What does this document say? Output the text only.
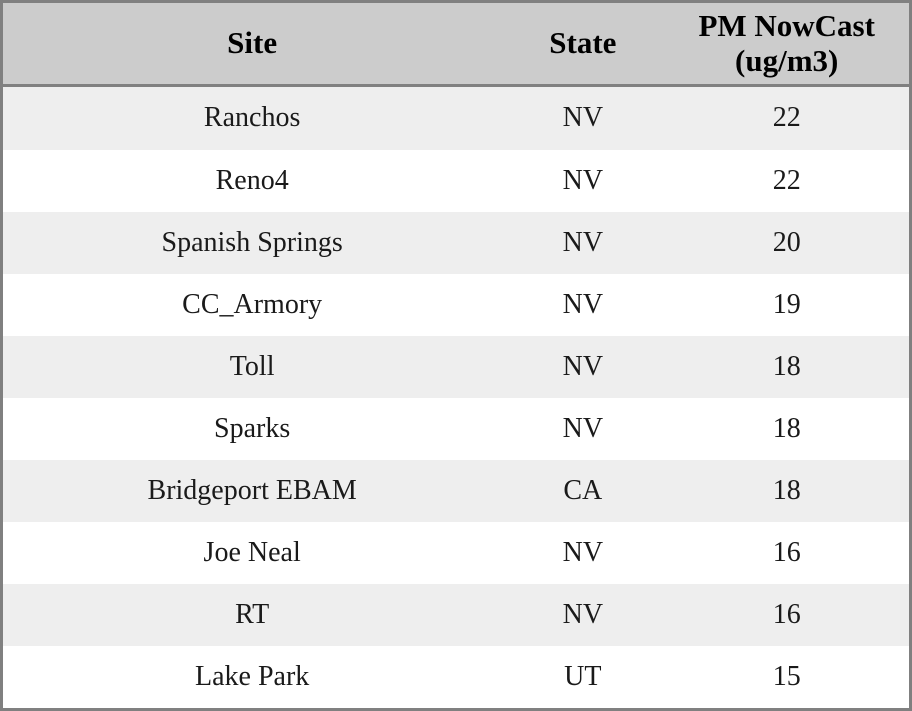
Site	State	PM NowCast (ug/m3)
Ranchos	NV	22
Reno4	NV	22
Spanish Springs	NV	20
CC_Armory	NV	19
Toll	NV	18
Sparks	NV	18
Bridgeport EBAM	CA	18
Joe Neal	NV	16
RT	NV	16
Lake Park	UT	15
